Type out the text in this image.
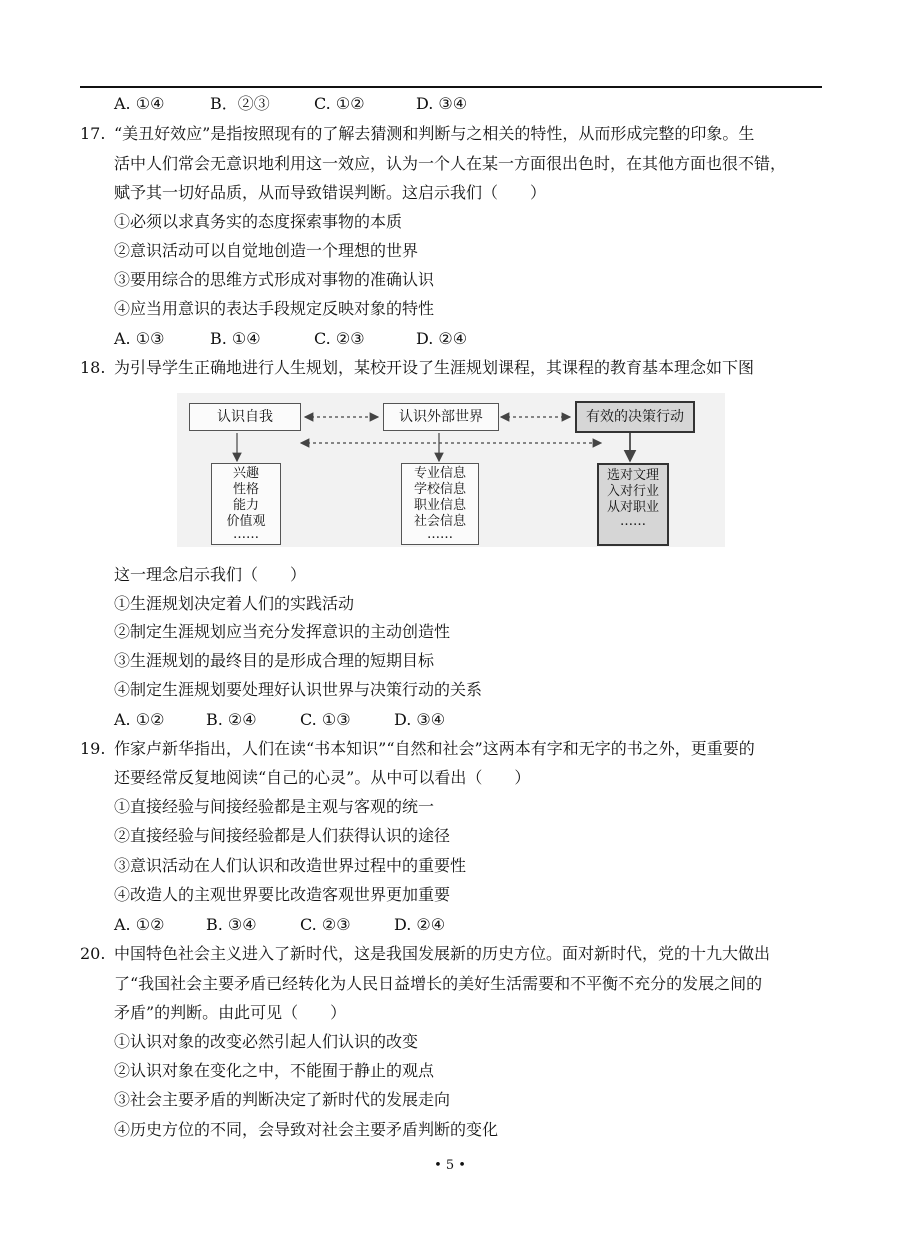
A. ①④	B．②③	C. ①②	D. ③④
17. “美丑好效应”是指按照现有的了解去猜测和判断与之相关的特性，从而形成完整的印象。生
活中人们常会无意识地利用这一效应，认为一个人在某一方面很出色时，在其他方面也很不错，
赋予其一切好品质，从而导致错误判断。这启示我们（　　）
①必须以求真务实的态度探索事物的本质
②意识活动可以自觉地创造一个理想的世界
③要用综合的思维方式形成对事物的准确认识
④应当用意识的表达手段规定反映对象的特性
A. ①③	B. ①④	C. ②③	D. ②④
18. 为引导学生正确地进行人生规划，某校开设了生涯规划课程，其课程的教育基本理念如下图
认识自我	认识外部世界	有效的决策行动
兴趣
性格
能力
价值观
……
专业信息
学校信息
职业信息
社会信息
……
选对文理
入对行业
从对职业
……
这一理念启示我们（　　）
①生涯规划决定着人们的实践活动
②制定生涯规划应当充分发挥意识的主动创造性
③生涯规划的最终目的是形成合理的短期目标
④制定生涯规划要处理好认识世界与决策行动的关系
A. ①②	B. ②④	C. ①③	D. ③④
19. 作家卢新华指出，人们在读“书本知识”“自然和社会”这两本有字和无字的书之外，更重要的
还要经常反复地阅读“自己的心灵”。从中可以看出（　　）
①直接经验与间接经验都是主观与客观的统一
②直接经验与间接经验都是人们获得认识的途径
③意识活动在人们认识和改造世界过程中的重要性
④改造人的主观世界要比改造客观世界更加重要
A. ①②	B. ③④	C. ②③	D. ②④
20. 中国特色社会主义进入了新时代，这是我国发展新的历史方位。面对新时代，党的十九大做出
了“我国社会主要矛盾已经转化为人民日益增长的美好生活需要和不平衡不充分的发展之间的
矛盾”的判断。由此可见（　　）
①认识对象的改变必然引起人们认识的改变
②认识对象在变化之中，不能囿于静止的观点
③社会主要矛盾的判断决定了新时代的发展走向
④历史方位的不同，会导致对社会主要矛盾判断的变化
• 5 •
